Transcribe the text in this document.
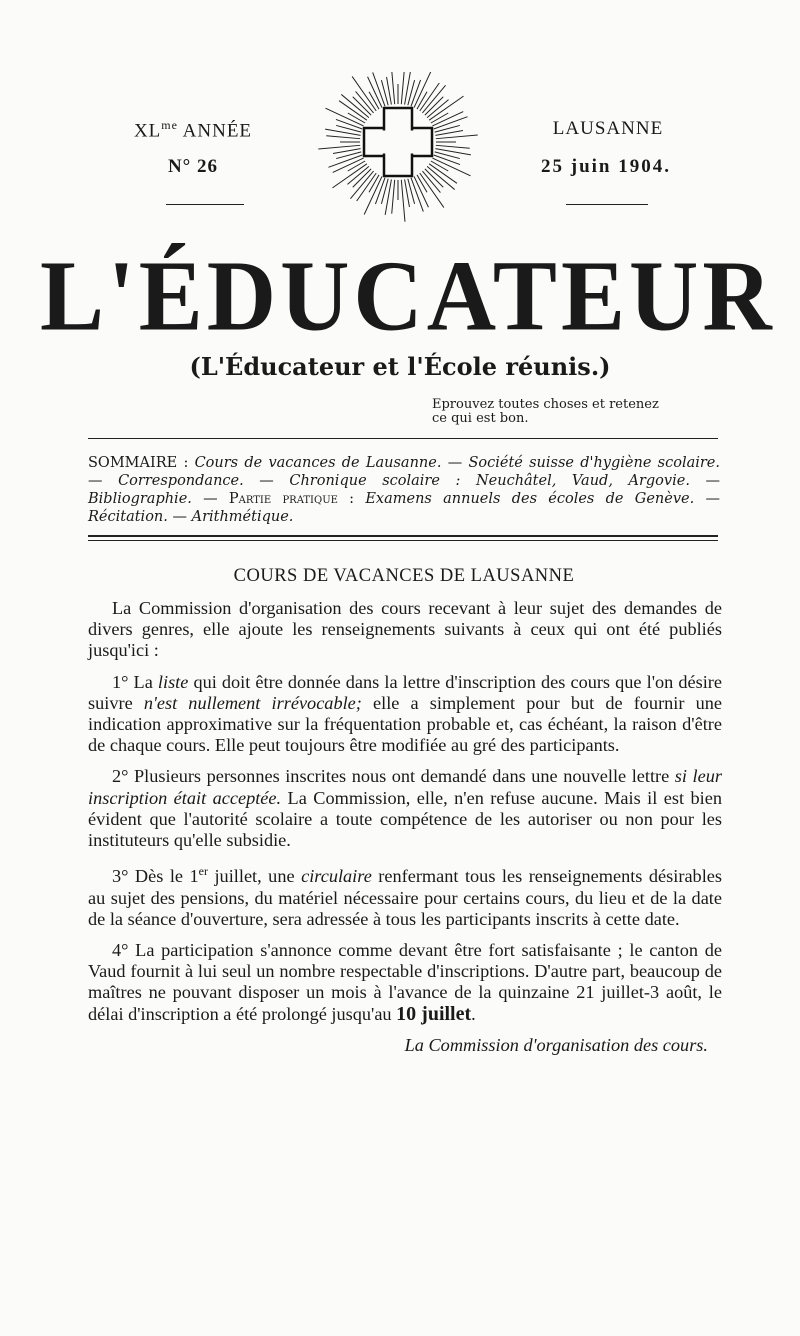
$XL^{me}$ ANNÉE
N° 26
LAUSANNE
25 juin 1904.
L'ÉDUCATEUR
(L'Éducateur et l'École réunis.)
Eprouvez toutes choses et retenez
ce qui est bon.
SOMMAIRE : Cours de vacances de Lausanne. — Société suisse d'hygiène scolaire. — Correspondance. — Chronique scolaire : Neuchâtel, Vaud, Argovie. — Bibliographie. — Partie pratique : Examens annuels des écoles de Genève. — Récitation. — Arithmétique.
COURS DE VACANCES DE LAUSANNE

La Commission d'organisation des cours recevant à leur sujet des demandes de divers genres, elle ajoute les renseignements suivants à ceux qui ont été publiés jusqu'ici :

1° La liste qui doit être donnée dans la lettre d'inscription des cours que l'on désire suivre n'est nullement irrévocable; elle a simplement pour but de fournir une indication approximative sur la fréquentation probable et, cas échéant, la raison d'être de chaque cours. Elle peut toujours être modifiée au gré des participants.

2° Plusieurs personnes inscrites nous ont demandé dans une nouvelle lettre si leur inscription était acceptée. La Commission, elle, n'en refuse aucune. Mais il est bien évident que l'autorité scolaire a toute compétence de les autoriser ou non pour les instituteurs qu'elle subsidie.

3° Dès le 1er juillet, une circulaire renfermant tous les renseignements désirables au sujet des pensions, du matériel nécessaire pour certains cours, du lieu et de la date de la séance d'ouverture, sera adressée à tous les participants inscrits à cette date.

4° La participation s'annonce comme devant être fort satisfaisante ; le canton de Vaud fournit à lui seul un nombre respectable d'inscriptions. D'autre part, beaucoup de maîtres ne pouvant disposer un mois à l'avance de la quinzaine 21 juillet-3 août, le délai d'inscription a été prolongé jusqu'au 10 juillet.

La Commission d'organisation des cours.
